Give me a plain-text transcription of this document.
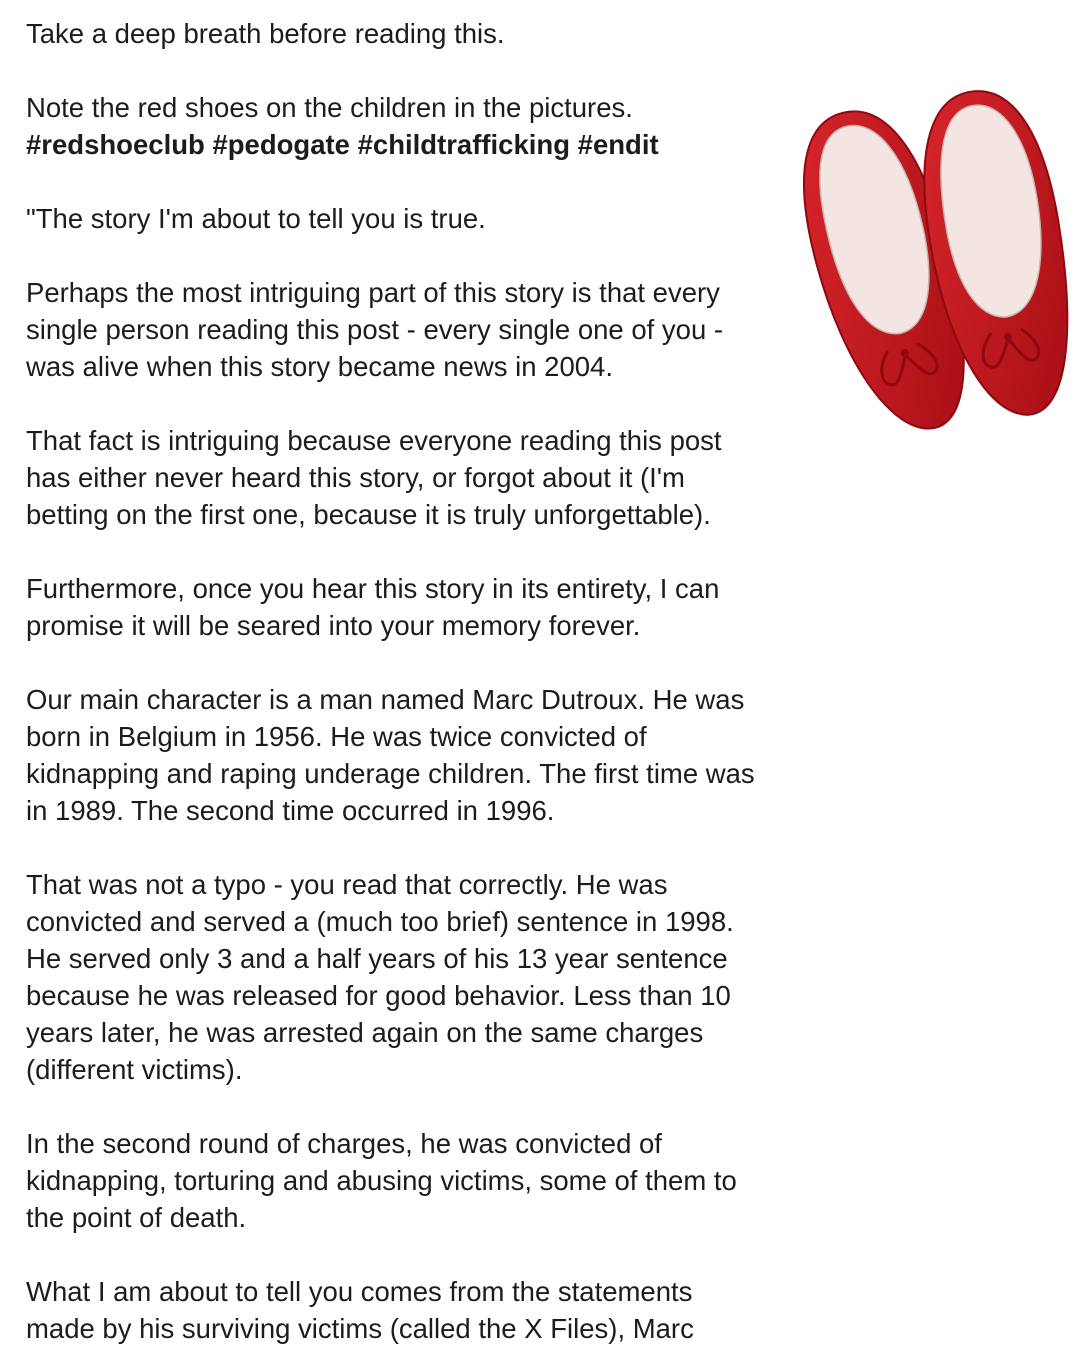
Take a deep breath before reading this.
Note the red shoes on the children in the pictures.
#redshoeclub #pedogate #childtrafficking #endit
"The story I'm about to tell you is true.
Perhaps the most intriguing part of this story is that every
single person reading this post - every single one of you -
was alive when this story became news in 2004.
That fact is intriguing because everyone reading this post
has either never heard this story, or forgot about it (I'm
betting on the first one, because it is truly unforgettable).
Furthermore, once you hear this story in its entirety, I can
promise it will be seared into your memory forever.
Our main character is a man named Marc Dutroux. He was
born in Belgium in 1956. He was twice convicted of
kidnapping and raping underage children. The first time was
in 1989. The second time occurred in 1996.
That was not a typo - you read that correctly. He was
convicted and served a (much too brief) sentence in 1998.
He served only 3 and a half years of his 13 year sentence
because he was released for good behavior. Less than 10
years later, he was arrested again on the same charges
(different victims).
In the second round of charges, he was convicted of
kidnapping, torturing and abusing victims, some of them to
the point of death.
What I am about to tell you comes from the statements
made by his surviving victims (called the X Files), Marc
